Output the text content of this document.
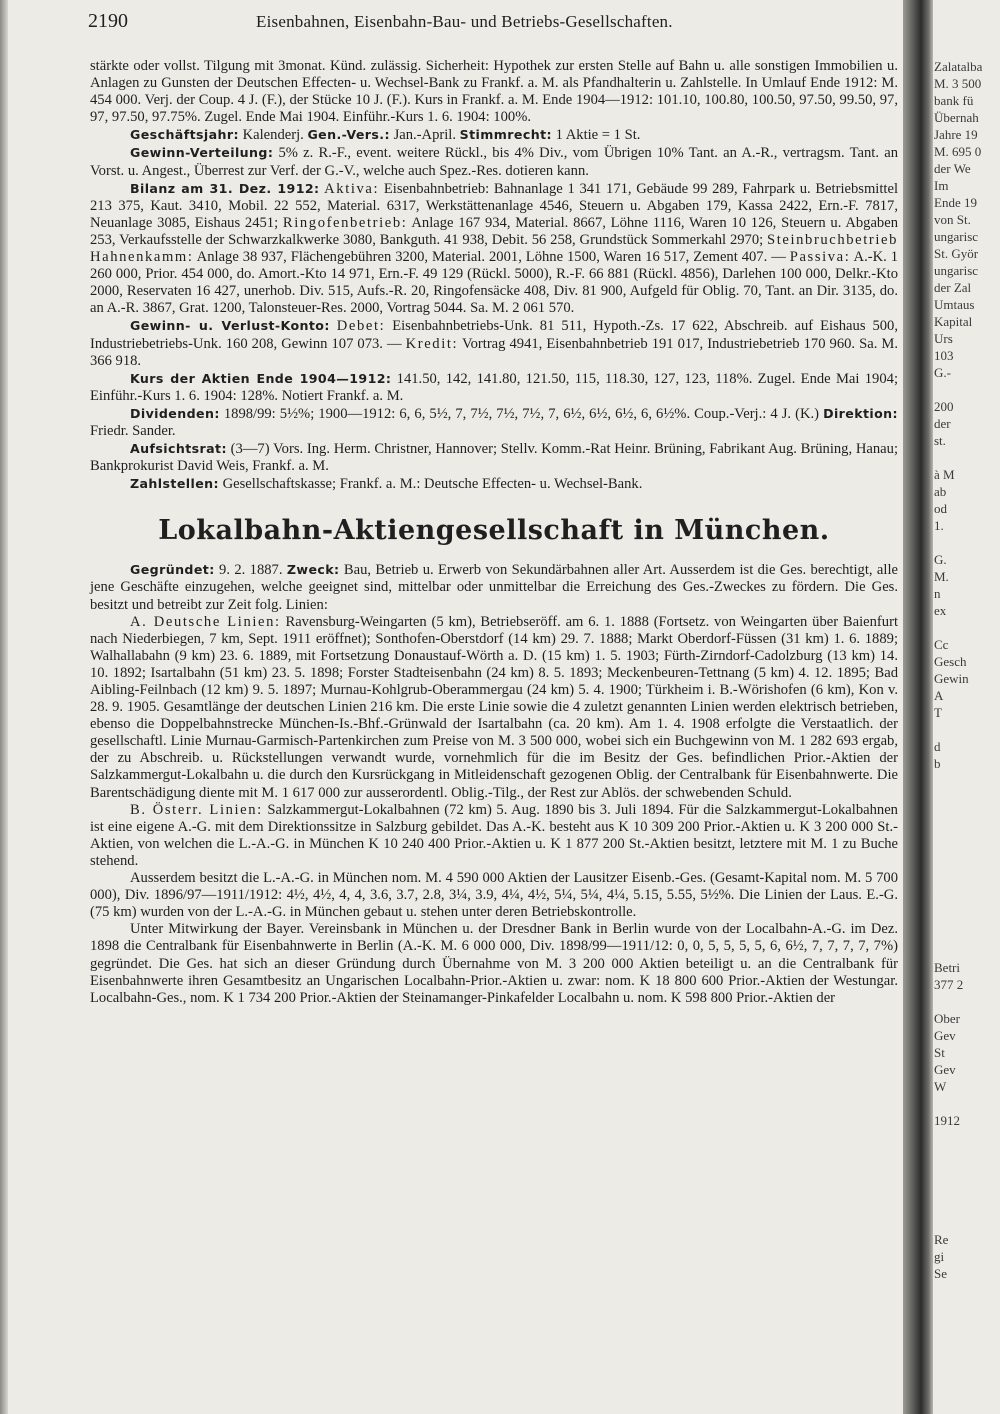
2190	Eisenbahnen, Eisenbahn-Bau- und Betriebs-Gesellschaften.

stärkte oder vollst. Tilgung mit 3monat. Künd. zulässig. Sicherheit: Hypothek zur ersten Stelle auf Bahn u. alle sonstigen Immobilien u. Anlagen zu Gunsten der Deutschen Effecten- u. Wechsel-Bank zu Frankf. a. M. als Pfandhalterin u. Zahlstelle. In Umlauf Ende 1912: M. 454 000. Verj. der Coup. 4 J. (F.), der Stücke 10 J. (F.). Kurs in Frankf. a. M. Ende 1904—1912: 101.10, 100.80, 100.50, 97.50, 99.50, 97, 97, 97.50, 97.75%. Zugel. Ende Mai 1904. Einführ.-Kurs 1. 6. 1904: 100%.

Geschäftsjahr: Kalenderj. Gen.-Vers.: Jan.-April. Stimmrecht: 1 Aktie = 1 St.

Gewinn-Verteilung: 5% z. R.-F., event. weitere Rückl., bis 4% Div., vom Übrigen 10% Tant. an A.-R., vertragsm. Tant. an Vorst. u. Angest., Überrest zur Verf. der G.-V., welche auch Spez.-Res. dotieren kann.

Bilanz am 31. Dez. 1912: Aktiva: Eisenbahnbetrieb: Bahnanlage 1 341 171, Gebäude 99 289, Fahrpark u. Betriebsmittel 213 375, Kaut. 3410, Mobil. 22 552, Material. 6317, Werkstättenanlage 4546, Steuern u. Abgaben 179, Kassa 2422, Ern.-F. 7817, Neuanlage 3085, Eishaus 2451; Ringofenbetrieb: Anlage 167 934, Material. 8667, Löhne 1116, Waren 10 126, Steuern u. Abgaben 253, Verkaufsstelle der Schwarzkalkwerke 3080, Bankguth. 41 938, Debit. 56 258, Grundstück Sommerkahl 2970; Steinbruchbetrieb Hahnenkamm: Anlage 38 937, Flächengebühren 3200, Material. 2001, Löhne 1500, Waren 16 517, Zement 407. — Passiva: A.-K. 1 260 000, Prior. 454 000, do. Amort.-Kto 14 971, Ern.-F. 49 129 (Rückl. 5000), R.-F. 66 881 (Rückl. 4856), Darlehen 100 000, Delkr.-Kto 2000, Reservaten 16 427, unerhob. Div. 515, Aufs.-R. 20, Ringofensäcke 408, Div. 81 900, Aufgeld für Oblig. 70, Tant. an Dir. 3135, do. an A.-R. 3867, Grat. 1200, Talonsteuer-Res. 2000, Vortrag 5044. Sa. M. 2 061 570.

Gewinn- u. Verlust-Konto: Debet: Eisenbahnbetriebs-Unk. 81 511, Hypoth.-Zs. 17 622, Abschreib. auf Eishaus 500, Industriebetriebs-Unk. 160 208, Gewinn 107 073. — Kredit: Vortrag 4941, Eisenbahnbetrieb 191 017, Industriebetrieb 170 960. Sa. M. 366 918.

Kurs der Aktien Ende 1904—1912: 141.50, 142, 141.80, 121.50, 115, 118.30, 127, 123, 118%. Zugel. Ende Mai 1904; Einführ.-Kurs 1. 6. 1904: 128%. Notiert Frankf. a. M.

Dividenden: 1898/99: 5½%; 1900—1912: 6, 6, 5½, 7, 7½, 7½, 7½, 7, 6½, 6½, 6½, 6, 6½%. Coup.-Verj.: 4 J. (K.) Direktion: Friedr. Sander.

Aufsichtsrat: (3—7) Vors. Ing. Herm. Christner, Hannover; Stellv. Komm.-Rat Heinr. Brüning, Fabrikant Aug. Brüning, Hanau; Bankprokurist David Weis, Frankf. a. M.

Zahlstellen: Gesellschaftskasse; Frankf. a. M.: Deutsche Effecten- u. Wechsel-Bank.

Lokalbahn-Aktiengesellschaft in München.

Gegründet: 9. 2. 1887. Zweck: Bau, Betrieb u. Erwerb von Sekundärbahnen aller Art. Ausserdem ist die Ges. berechtigt, alle jene Geschäfte einzugehen, welche geeignet sind, mittelbar oder unmittelbar die Erreichung des Ges.-Zweckes zu fördern. Die Ges. besitzt und betreibt zur Zeit folg. Linien:

A. Deutsche Linien: Ravensburg-Weingarten (5 km), Betriebseröff. am 6. 1. 1888 (Fortsetz. von Weingarten über Baienfurt nach Niederbiegen, 7 km, Sept. 1911 eröffnet); Sonthofen-Oberstdorf (14 km) 29. 7. 1888; Markt Oberdorf-Füssen (31 km) 1. 6. 1889; Walhallabahn (9 km) 23. 6. 1889, mit Fortsetzung Donaustauf-Wörth a. D. (15 km) 1. 5. 1903; Fürth-Zirndorf-Cadolzburg (13 km) 14. 10. 1892; Isartalbahn (51 km) 23. 5. 1898; Forster Stadteisenbahn (24 km) 8. 5. 1893; Meckenbeuren-Tettnang (5 km) 4. 12. 1895; Bad Aibling-Feilnbach (12 km) 9. 5. 1897; Murnau-Kohlgrub-Oberammergau (24 km) 5. 4. 1900; Türkheim i. B.-Wörishofen (6 km), Kon v. 28. 9. 1905. Gesamtlänge der deutschen Linien 216 km. Die erste Linie sowie die 4 zuletzt genannten Linien werden elektrisch betrieben, ebenso die Doppelbahnstrecke München-Is.-Bhf.-Grünwald der Isartalbahn (ca. 20 km). Am 1. 4. 1908 erfolgte die Verstaatlich. der gesellschaftl. Linie Murnau-Garmisch-Partenkirchen zum Preise von M. 3 500 000, wobei sich ein Buchgewinn von M. 1 282 693 ergab, der zu Abschreib. u. Rückstellungen verwandt wurde, vornehmlich für die im Besitz der Ges. befindlichen Prior.-Aktien der Salzkammergut-Lokalbahn u. die durch den Kursrückgang in Mitleidenschaft gezogenen Oblig. der Centralbank für Eisenbahnwerte. Die Barentschädigung diente mit M. 1 617 000 zur ausserordentl. Oblig.-Tilg., der Rest zur Ablös. der schwebenden Schuld.

B. Österr. Linien: Salzkammergut-Lokalbahnen (72 km) 5. Aug. 1890 bis 3. Juli 1894. Für die Salzkammergut-Lokalbahnen ist eine eigene A.-G. mit dem Direktionssitze in Salzburg gebildet. Das A.-K. besteht aus K 10 309 200 Prior.-Aktien u. K 3 200 000 St.-Aktien, von welchen die L.-A.-G. in München K 10 240 400 Prior.-Aktien u. K 1 877 200 St.-Aktien besitzt, letztere mit M. 1 zu Buche stehend.

Ausserdem besitzt die L.-A.-G. in München nom. M. 4 590 000 Aktien der Lausitzer Eisenb.-Ges. (Gesamt-Kapital nom. M. 5 700 000), Div. 1896/97—1911/1912: 4½, 4½, 4, 4, 3.6, 3.7, 2.8, 3¼, 3.9, 4¼, 4½, 5¼, 5¼, 4¼, 5.15, 5.55, 5½%. Die Linien der Laus. E.-G. (75 km) wurden von der L.-A.-G. in München gebaut u. stehen unter deren Betriebskontrolle.

Unter Mitwirkung der Bayer. Vereinsbank in München u. der Dresdner Bank in Berlin wurde von der Localbahn-A.-G. im Dez. 1898 die Centralbank für Eisenbahnwerte in Berlin (A.-K. M. 6 000 000, Div. 1898/99—1911/12: 0, 0, 5, 5, 5, 5, 6, 6½, 7, 7, 7, 7, 7%) gegründet. Die Ges. hat sich an dieser Gründung durch Übernahme von M. 3 200 000 Aktien beteiligt u. an die Centralbank für Eisenbahnwerte ihren Gesamtbesitz an Ungarischen Localbahn-Prior.-Aktien u. zwar: nom. K 18 800 600 Prior.-Aktien der Westungar. Localbahn-Ges., nom. K 1 734 200 Prior.-Aktien der Steinamanger-Pinkafelder Localbahn u. nom. K 598 800 Prior.-Aktien der

Zalatalba
M. 3 500
bank fü
Übernah
Jahre 19
M. 695 0
der We
Im
Ende 19
von St.
ungarisc
St. Györ
ungarisc
der Zal
Umtaus
Kapital
Urs
103
G.-
200
der
st.
à M
ab
od
1.
G.
M.
n
ex
Cc
Gesch
Gewin
A
T
d
b
Betri
377 2
Ober
Gev
St
Gev
W
1912
Re
gi
Se
